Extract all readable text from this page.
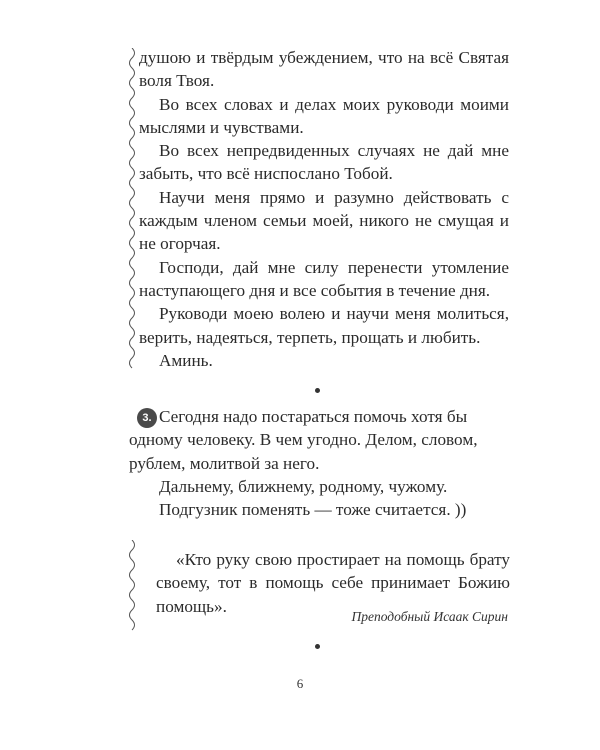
душою и твёрдым убеждением, что на всё Святая воля Твоя.

Во всех словах и делах моих руководи моими мыслями и чувствами.

Во всех непредвиденных случаях не дай мне забыть, что всё ниспослано Тобой.

Научи меня прямо и разумно действовать с каждым членом семьи моей, никого не смущая и не огорчая.

Господи, дай мне силу перенести утомление наступающего дня и все события в течение дня.

Руководи моею волею и научи меня молиться, верить, надеяться, терпеть, прощать и любить.

Аминь.

3. Сегодня надо постараться помочь хотя бы одному человеку. В чем угодно. Делом, словом, рублем, молитвой за него.

Дальнему, ближнему, родному, чужому.

Подгузник поменять — тоже считается. ))

«Кто руку свою простирает на помощь брату своему, тот в помощь себе принимает Божию помощь».

Преподобный Исаак Сирин
6
